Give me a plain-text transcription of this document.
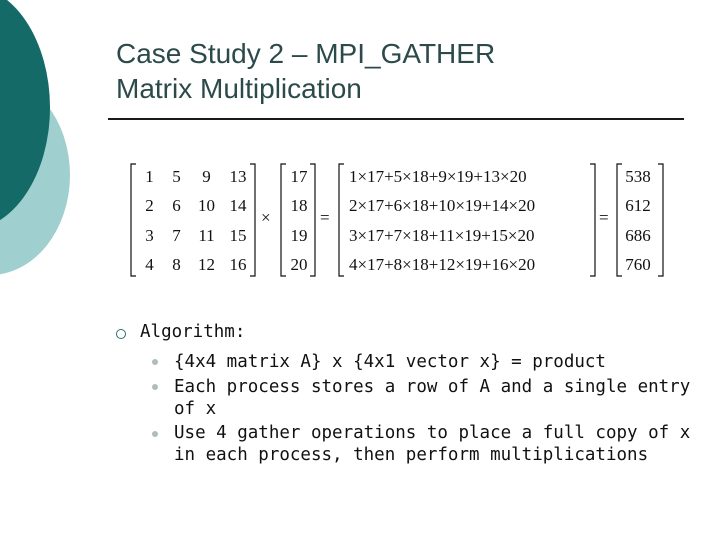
Case Study 2 – MPI_GATHER
Matrix Multiplication
1	5	9	13
2	6	10 14
3	7	11 15
4	8	12 16
×
17
18
19
20
=
1×17+5×18+9×19+13×20
2×17+6×18+10×19+14×20
3×17+7×18+11×19+15×20
4×17+8×18+12×19+16×20
=
538
612
686
760
Algorithm:
{4x4 matrix A} x {4x1 vector x} = product
Each process stores a row of A and a single entry of x
Use 4 gather operations to place a full copy of x in each process, then perform multiplications
